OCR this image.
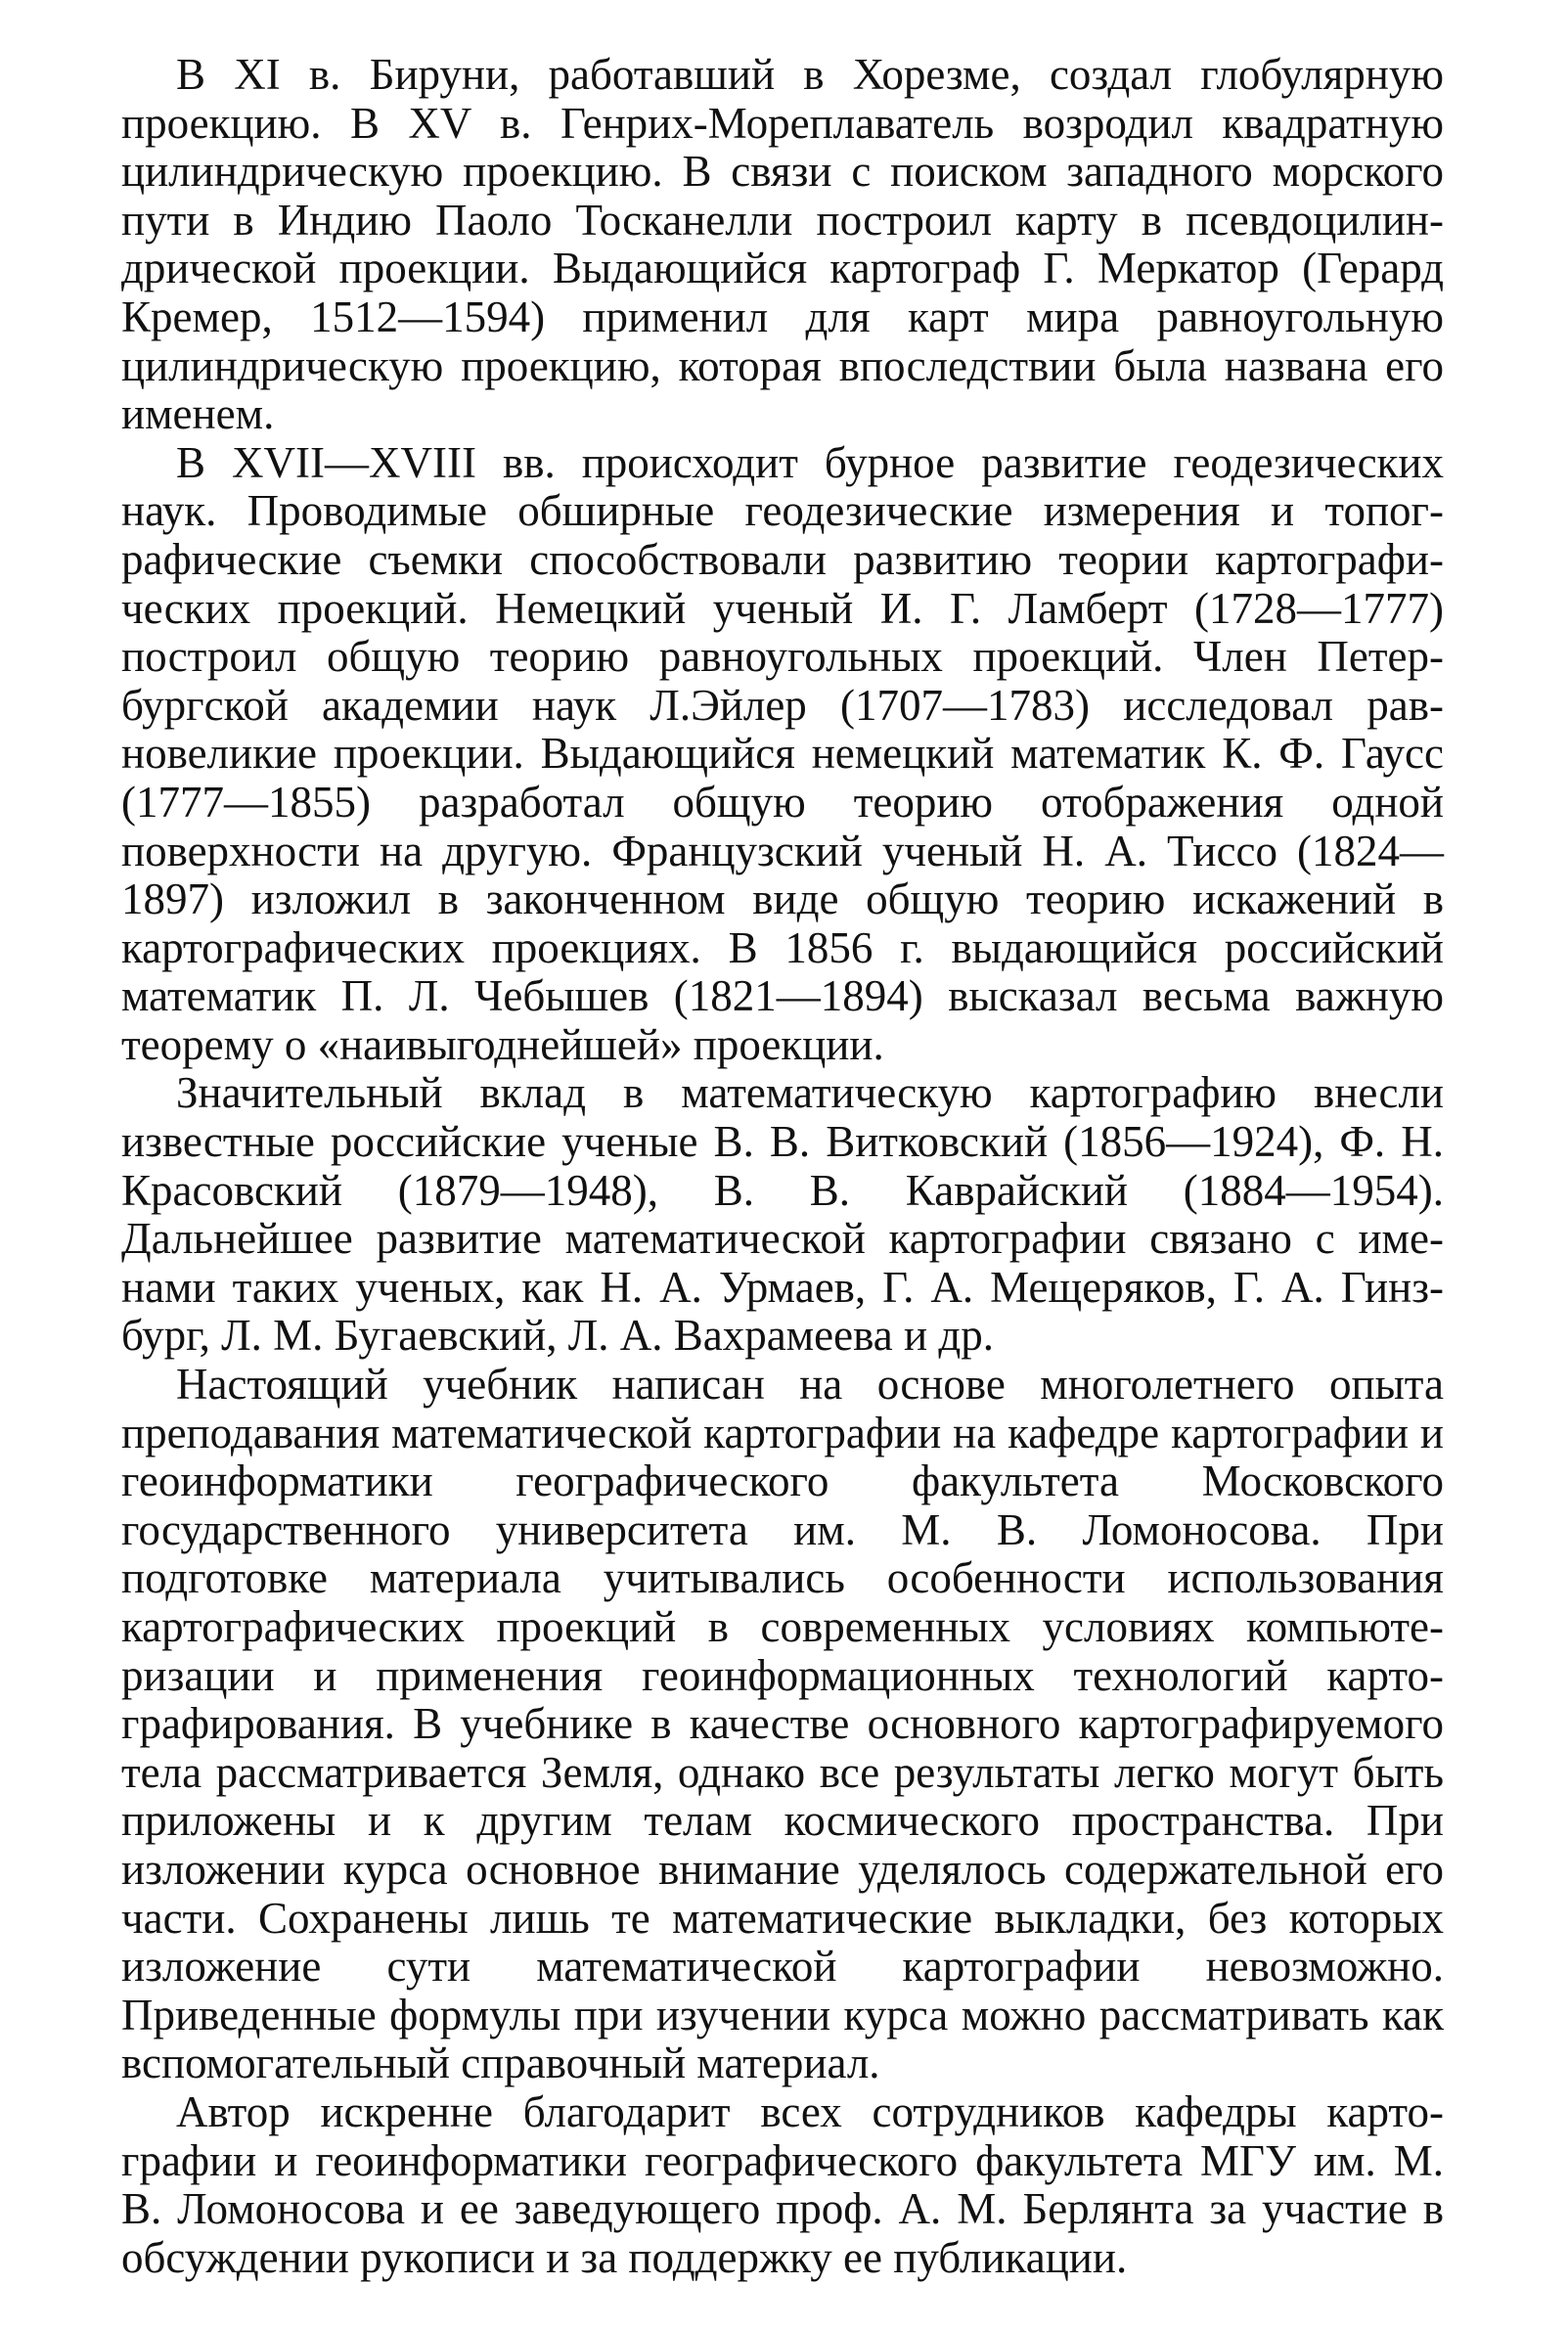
В XI в. Бируни, работавший в Хорезме, создал глобулярную проекцию. В XV в. Генрих-Мореплаватель возродил квадратную цилиндрическую проекцию. В связи с поиском западного морского пути в Индию Паоло Тосканелли построил карту в псевдоцилиндрической проекции. Выдающийся картограф Г. Меркатор (Герард Кремер, 1512—1594) применил для карт мира равноугольную цилиндрическую проекцию, которая впоследствии была названа его именем.

В XVII—XVIII вв. происходит бурное развитие геодезических наук. Проводимые обширные геодезические измерения и топографические съемки способствовали развитию теории картографических проекций. Немецкий ученый И. Г. Ламберт (1728—1777) построил общую теорию равноугольных проекций. Член Петербургской академии наук Л.Эйлер (1707—1783) исследовал равновеликие проекции. Выдающийся немецкий математик К. Ф. Гаусс (1777—1855) разработал общую теорию отображения одной поверхности на другую. Французский ученый Н. А. Тиссо (1824—1897) изложил в законченном виде общую теорию искажений в картографических проекциях. В 1856 г. выдающийся российский математик П. Л. Чебышев (1821—1894) высказал весьма важную теорему о «наивыгоднейшей» проекции.

Значительный вклад в математическую картографию внесли известные российские ученые В. В. Витковский (1856—1924), Ф. Н. Красовский (1879—1948), В. В. Каврайский (1884—1954). Дальнейшее развитие математической картографии связано с именами таких ученых, как Н. А. Урмаев, Г. А. Мещеряков, Г. А. Гинзбург, Л. М. Бугаевский, Л. А. Вахрамеева и др.

Настоящий учебник написан на основе многолетнего опыта преподавания математической картографии на кафедре картографии и геоинформатики географического факультета Московского государственного университета им. М. В. Ломоносова. При подготовке материала учитывались особенности использования картографических проекций в современных условиях компьютеризации и применения геоинформационных технологий картографирования. В учебнике в качестве основного картографируемого тела рассматривается Земля, однако все результаты легко могут быть приложены и к другим телам космического пространства. При изложении курса основное внимание уделялось содержательной его части. Сохранены лишь те математические выкладки, без которых изложение сути математической картографии невозможно. Приведенные формулы при изучении курса можно рассматривать как вспомогательный справочный материал.

Автор искренне благодарит всех сотрудников кафедры картографии и геоинформатики географического факультета МГУ им. М. В. Ломоносова и ее заведующего проф. А. М. Берлянта за участие в обсуждении рукописи и за поддержку ее публикации.
